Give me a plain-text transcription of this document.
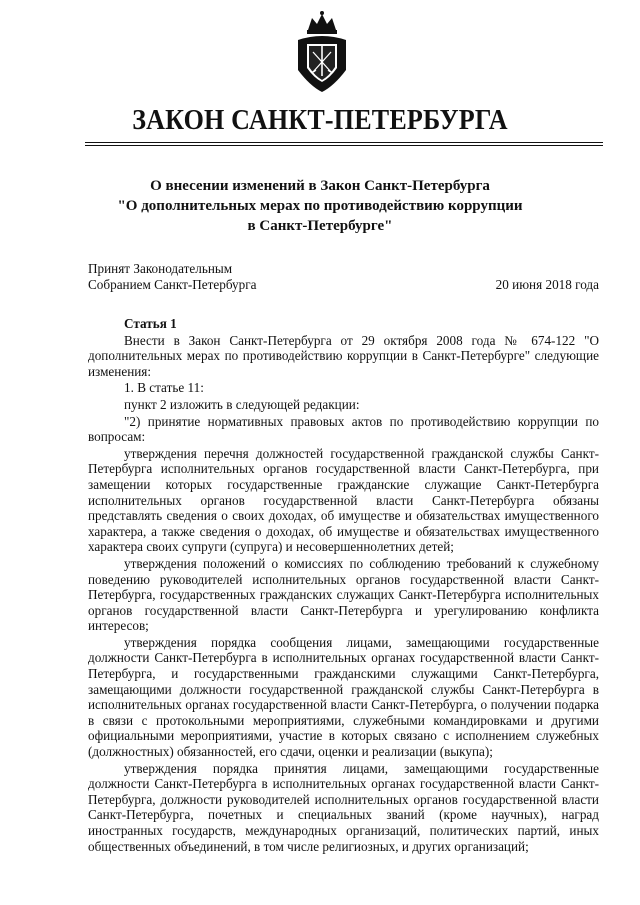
ЗАКОН САНКТ-ПЕТЕРБУРГА
О внесении изменений в Закон Санкт-Петербурга
"О дополнительных мерах по противодействию коррупции
в Санкт-Петербурге"
Принят Законодательным
Собранием Санкт-Петербурга	20 июня 2018 года
Статья 1

Внести в Закон Санкт-Петербурга от 29 октября 2008 года № 674-122 "О дополнительных мерах по противодействию коррупции в Санкт-Петербурге" следующие изменения:

1. В статье 11:

пункт 2 изложить в следующей редакции:

"2) принятие нормативных правовых актов по противодействию коррупции по вопросам:

утверждения перечня должностей государственной гражданской службы Санкт-Петербурга исполнительных органов государственной власти Санкт-Петербурга, при замещении которых государственные гражданские служащие Санкт-Петербурга исполнительных органов государственной власти Санкт-Петербурга обязаны представлять сведения о своих доходах, об имуществе и обязательствах имущественного характера, а также сведения о доходах, об имуществе и обязательствах имущественного характера своих супруги (супруга) и несовершеннолетних детей;

утверждения положений о комиссиях по соблюдению требований к служебному поведению руководителей исполнительных органов государственной власти Санкт-Петербурга, государственных гражданских служащих Санкт-Петербурга исполнительных органов государственной власти Санкт-Петербурга и урегулированию конфликта интересов;

утверждения порядка сообщения лицами, замещающими государственные должности Санкт-Петербурга в исполнительных органах государственной власти Санкт-Петербурга, и государственными гражданскими служащими Санкт-Петербурга, замещающими должности государственной гражданской службы Санкт-Петербурга в исполнительных органах государственной власти Санкт-Петербурга, о получении подарка в связи с протокольными мероприятиями, служебными командировками и другими официальными мероприятиями, участие в которых связано с исполнением служебных (должностных) обязанностей, его сдачи, оценки и реализации (выкупа);

утверждения порядка принятия лицами, замещающими государственные должности Санкт-Петербурга в исполнительных органах государственной власти Санкт-Петербурга, должности руководителей исполнительных органов государственной власти Санкт-Петербурга, почетных и специальных званий (кроме научных), наград иностранных государств, международных организаций, политических партий, иных общественных объединений, в том числе религиозных, и других организаций;
